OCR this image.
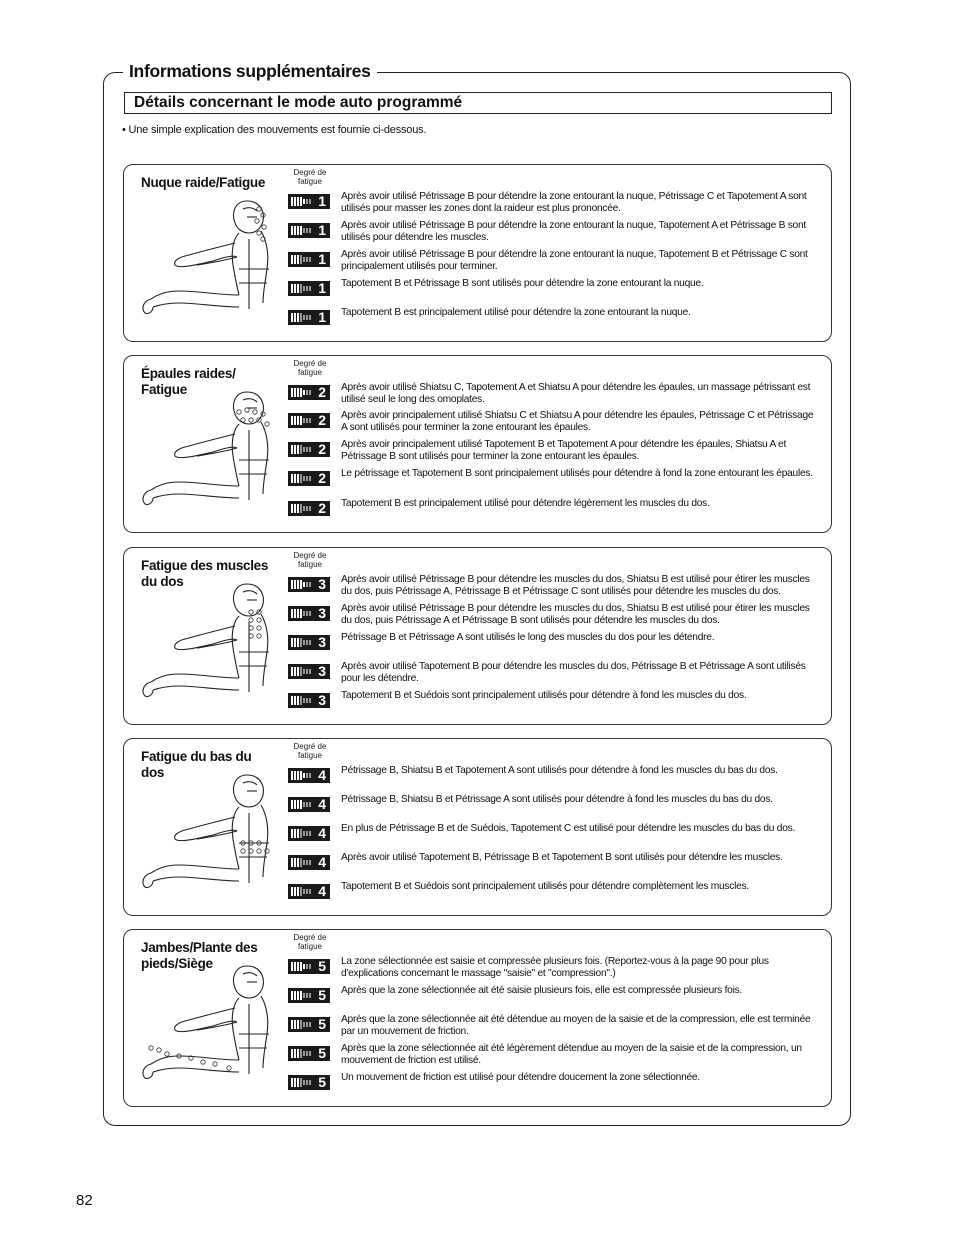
Informations supplémentaires
Détails concernant le mode auto programmé
• Une simple explication des mouvements est fournie ci-dessous.
Nuque raide/Fatigue
Degré de fatigue
1 Après avoir utilisé Pétrissage B pour détendre la zone entourant la nuque, Pétrissage C et Tapotement A sont utilisés pour masser les zones dont la raideur est plus prononcée.
1 Après avoir utilisé Pétrissage B pour détendre la zone entourant la nuque, Tapotement A et Pétrissage B sont utilisés pour détendre les muscles.
1 Après avoir utilisé Pétrissage B pour détendre la zone entourant la nuque, Tapotement B et Pétrissage C sont principalement utilisés pour terminer.
1 Tapotement B et Pétrissage B sont utilisés pour détendre la zone entourant la nuque.
1 Tapotement B est principalement utilisé pour détendre la zone entourant la nuque.
Épaules raides/ Fatigue
Degré de fatigue
2 Après avoir utilisé Shiatsu C, Tapotement A et Shiatsu A pour détendre les épaules, un massage pétrissant est utilisé seul le long des omoplates.
2 Après avoir principalement utilisé Shiatsu C et Shiatsu A pour détendre les épaules, Pétrissage C et Pétrissage A sont utilisés pour terminer la zone entourant les épaules.
2 Après avoir principalement utilisé Tapotement B et Tapotement A pour détendre les épaules, Shiatsu A et Pétrissage B sont utilisés pour terminer la zone entourant les épaules.
2 Le pétrissage et Tapotement B sont principalement utilisés pour détendre à fond la zone entourant les épaules.
2 Tapotement B est principalement utilisé pour détendre légèrement les muscles du dos.
Fatigue des muscles du dos
Degré de fatigue
3 Après avoir utilisé Pétrissage B pour détendre les muscles du dos, Shiatsu B est utilisé pour étirer les muscles du dos, puis Pétrissage A, Pétrissage B et Pétrissage C sont utilisés pour détendre les muscles du dos.
3 Après avoir utilisé Pétrissage B pour détendre les muscles du dos, Shiatsu B est utilisé pour étirer les muscles du dos, puis Pétrissage A et Pétrissage B sont utilisés pour détendre les muscles du dos.
3 Pétrissage B et Pétrissage A sont utilisés le long des muscles du dos pour les détendre.
3 Après avoir utilisé Tapotement B pour détendre les muscles du dos, Pétrissage B et Pétrissage A sont utilisés pour les détendre.
3 Tapotement B et Suédois sont principalement utilisés pour détendre à fond les muscles du dos.
Fatigue du bas du dos
Degré de fatigue
4 Pétrissage B, Shiatsu B et Tapotement A sont utilisés pour détendre à fond les muscles du bas du dos.
4 Pétrissage B, Shiatsu B et Pétrissage A sont utilisés pour détendre à fond les muscles du bas du dos.
4 En plus de Pétrissage B et de Suédois, Tapotement C est utilisé pour détendre les muscles du bas du dos.
4 Après avoir utilisé Tapotement B, Pétrissage B et Tapotement B sont utilisés pour détendre les muscles.
4 Tapotement B et Suédois sont principalement utilisés pour détendre complètement les muscles.
Jambes/Plante des pieds/Siège
Degré de fatigue
5 La zone sélectionnée est saisie et compressée plusieurs fois. (Reportez-vous à la page 90 pour plus d'explications concernant le massage "saisie" et "compression".)
5 Après que la zone sélectionnée ait été saisie plusieurs fois, elle est compressée plusieurs fois.
5 Après que la zone sélectionnée ait été détendue au moyen de la saisie et de la compression, elle est terminée par un mouvement de friction.
5 Après que la zone sélectionnée ait été légèrement détendue au moyen de la saisie et de la compression, un mouvement de friction est utilisé.
5 Un mouvement de friction est utilisé pour détendre doucement la zone sélectionnée.
82
